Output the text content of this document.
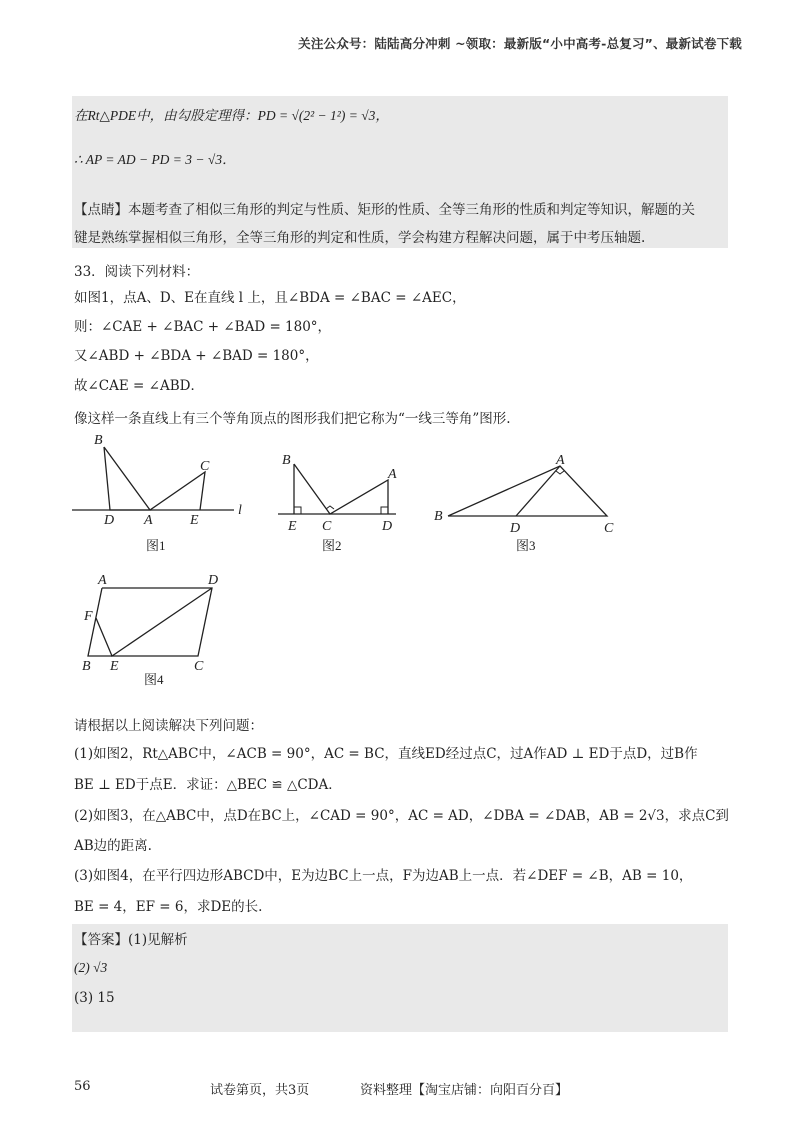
关注公众号：陆陆高分冲刺 ~领取：最新版“小中高考-总复习”、最新试卷下载
在Rt△PDE中，由勾股定理得：PD = √(2² − 1²) = √3，
∴ AP = AD − PD = 3 − √3．
【点睛】本题考查了相似三角形的判定与性质、矩形的性质、全等三角形的性质和判定等知识，解题的关
键是熟练掌握相似三角形，全等三角形的判定和性质，学会构建方程解决问题，属于中考压轴题.
33．阅读下列材料：
如图1，点A、D、E在直线 l 上，且∠BDA = ∠BAC = ∠AEC，
则：∠CAE + ∠BAC + ∠BAD = 180°，
又∠ABD + ∠BDA + ∠BAD = 180°，
故∠CAE = ∠ABD．
像这样一条直线上有三个等角顶点的图形我们把它称为“一线三等角”图形.
B
C
D A	E
l
图1
B
A
E C	D
图2
A
B
D	C
图3
A	D
F
B E	C
图4
请根据以上阅读解决下列问题：
(1)如图2，Rt△ABC中，∠ACB = 90°，AC = BC，直线ED经过点C，过A作AD ⊥ ED于点D，过B作
BE ⊥ ED于点E．求证：△BEC ≌ △CDA．
(2)如图3，在△ABC中，点D在BC上，∠CAD = 90°，AC = AD，∠DBA = ∠DAB，AB = 2√3，求点C到
AB边的距离.
(3)如图4，在平行四边形ABCD中，E为边BC上一点，F为边AB上一点．若∠DEF = ∠B，AB = 10，
BE = 4，EF = 6，求DE的长.
【答案】(1)见解析
(2) √3
(3) 15
56	试卷第页，共3页	资料整理【淘宝店铺：向阳百分百】
